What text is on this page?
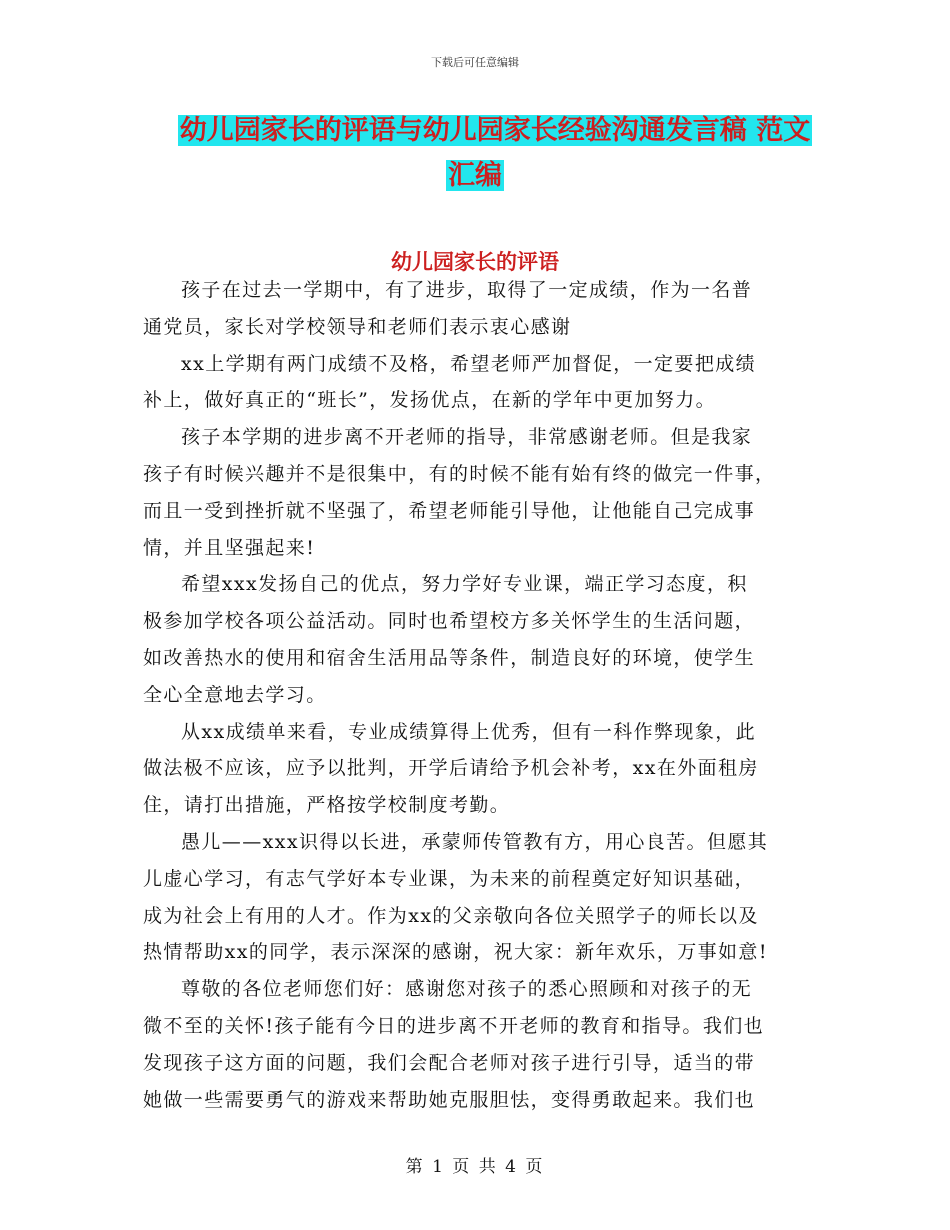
下载后可任意编辑
幼儿园家长的评语与幼儿园家长经验沟通发言稿 范文
汇编
幼儿园家长的评语

孩子在过去一学期中，有了进步，取得了一定成绩，作为一名普
通党员，家长对学校领导和老师们表示衷心感谢

xx上学期有两门成绩不及格，希望老师严加督促，一定要把成绩
补上，做好真正的“班长”，发扬优点，在新的学年中更加努力。

孩子本学期的进步离不开老师的指导，非常感谢老师。但是我家
孩子有时候兴趣并不是很集中，有的时候不能有始有终的做完一件事，
而且一受到挫折就不坚强了，希望老师能引导他，让他能自己完成事
情，并且坚强起来!

希望xxx发扬自己的优点，努力学好专业课，端正学习态度，积
极参加学校各项公益活动。同时也希望校方多关怀学生的生活问题，
如改善热水的使用和宿舍生活用品等条件，制造良好的环境，使学生
全心全意地去学习。

从xx成绩单来看，专业成绩算得上优秀，但有一科作弊现象，此
做法极不应该，应予以批判，开学后请给予机会补考，xx在外面租房
住，请打出措施，严格按学校制度考勤。

愚儿——xxx识得以长进，承蒙师传管教有方，用心良苦。但愿其
儿虚心学习，有志气学好本专业课，为未来的前程奠定好知识基础，
成为社会上有用的人才。作为xx的父亲敬向各位关照学子的师长以及
热情帮助xx的同学，表示深深的感谢，祝大家：新年欢乐，万事如意!

尊敬的各位老师您们好：感谢您对孩子的悉心照顾和对孩子的无
微不至的关怀!孩子能有今日的进步离不开老师的教育和指导。我们也
发现孩子这方面的问题，我们会配合老师对孩子进行引导，适当的带
她做一些需要勇气的游戏来帮助她克服胆怯，变得勇敢起来。我们也

第 1 页 共 4 页
